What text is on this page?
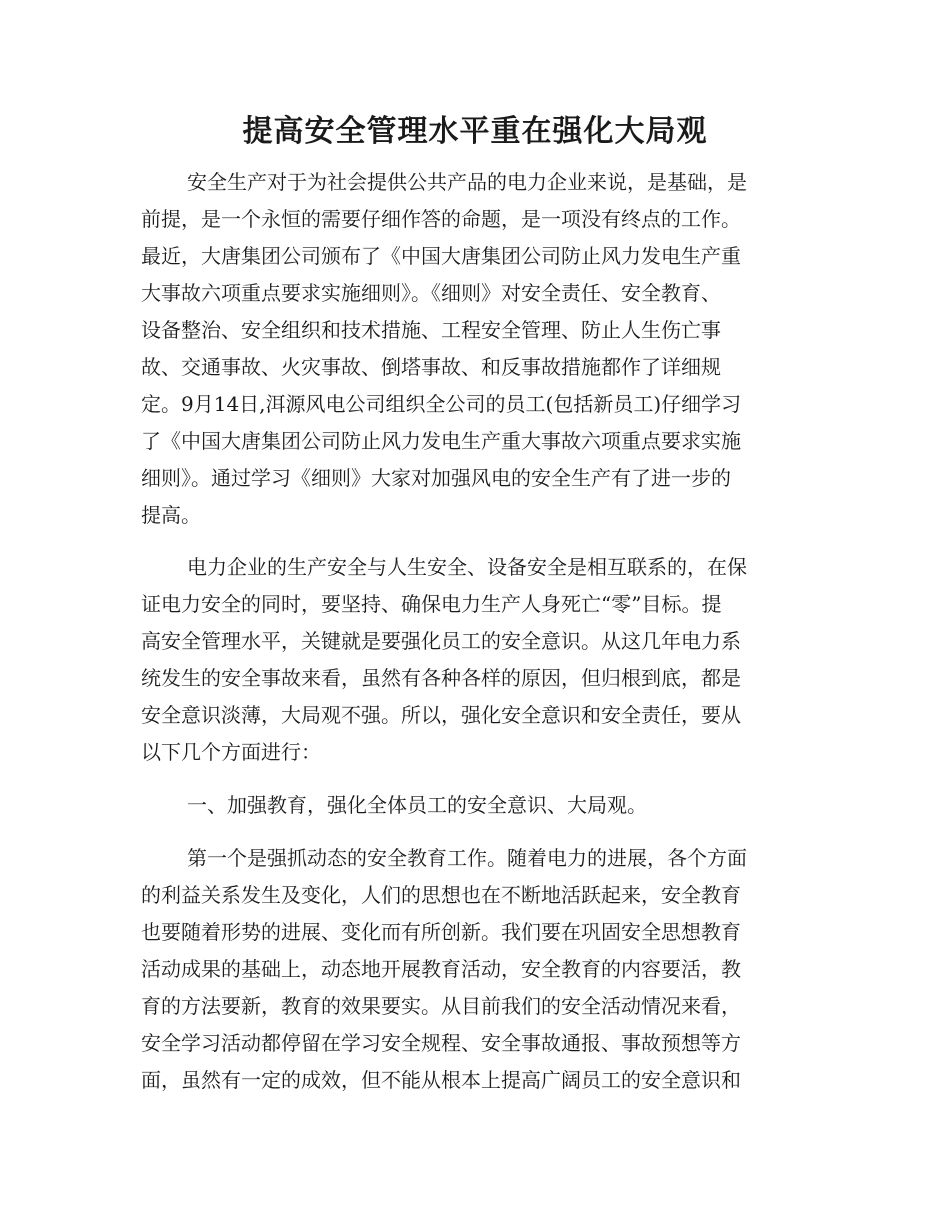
提高安全管理水平重在强化大局观

安全生产对于为社会提供公共产品的电力企业来说，是基础，是

前提，是一个永恒的需要仔细作答的命题，是一项没有终点的工作。

最近，大唐集团公司颁布了《中国大唐集团公司防止风力发电生产重

大事故六项重点要求实施细则》。《细则》对安全责任、安全教育、

设备整治、安全组织和技术措施、工程安全管理、防止人生伤亡事

故、交通事故、火灾事故、倒塔事故、和反事故措施都作了详细规

定。9月14日,洱源风电公司组织全公司的员工(包括新员工)仔细学习

了《中国大唐集团公司防止风力发电生产重大事故六项重点要求实施

细则》。通过学习《细则》大家对加强风电的安全生产有了进一步的

提高。

电力企业的生产安全与人生安全、设备安全是相互联系的，在保

证电力安全的同时，要坚持、确保电力生产人身死亡“零”目标。提

高安全管理水平，关键就是要强化员工的安全意识。从这几年电力系

统发生的安全事故来看，虽然有各种各样的原因，但归根到底，都是

安全意识淡薄，大局观不强。所以，强化安全意识和安全责任，要从

以下几个方面进行：

一、加强教育，强化全体员工的安全意识、大局观。

第一个是强抓动态的安全教育工作。随着电力的进展，各个方面

的利益关系发生及变化，人们的思想也在不断地活跃起来，安全教育

也要随着形势的进展、变化而有所创新。我们要在巩固安全思想教育

活动成果的基础上，动态地开展教育活动，安全教育的内容要活，教

育的方法要新，教育的效果要实。从目前我们的安全活动情况来看，

安全学习活动都停留在学习安全规程、安全事故通报、事故预想等方

面，虽然有一定的成效，但不能从根本上提高广阔员工的安全意识和
